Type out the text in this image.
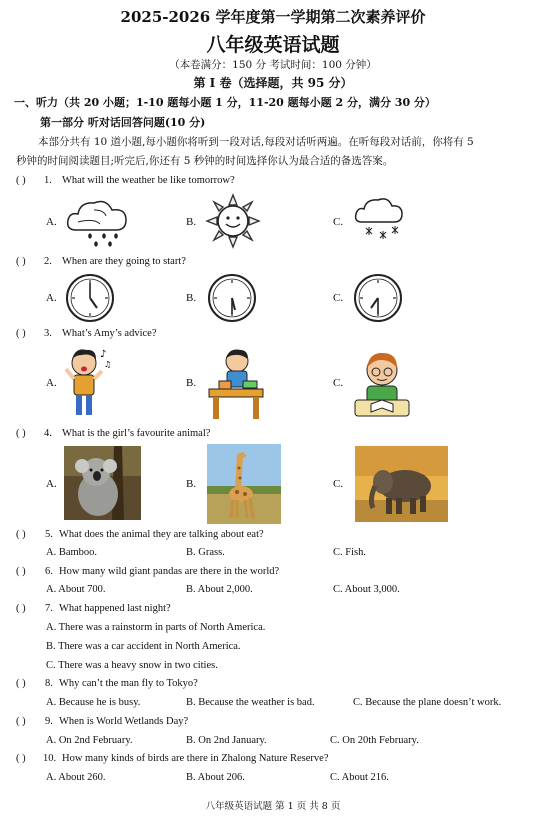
2025-2026 学年度第一学期第二次素养评价
八年级英语试题
（本卷满分：150 分 考试时间：100 分钟）
第 I 卷（选择题，共 95 分）
一、听力（共 20 小题；1-10 题每小题 1 分，11-20 题每小题 2 分，满分 30 分）
第一部分 听对话回答问题(10 分)
本部分共有 10 道小题,每小题你将听到一段对话,每段对话听两遍。在听每段对话前，你将有 5
秒钟的时间阅读题目;听完后,你还有 5 秒钟的时间选择你认为最合适的备选答案。
( ) 1. What will the weather be like tomorrow?
A.	B.	C.
( ) 2. When are they going to start?
A.	B.	C.
( ) 3. What’s Amy’s advice?
A.	B.	C.
♪
♫
( ) 4. What is the girl’s favourite animal?
A.	B.	C.
( ) 5. What does the animal they are talking about eat?
A. Bamboo.	B. Grass.	C. Fish.
( ) 6. How many wild giant pandas are there in the world?
A. About 700.	B. About 2,000.	C. About 3,000.
( ) 7. What happened last night?
A. There was a rainstorm in parts of North America.
B. There was a car accident in North America.
C. There was a heavy snow in two cities.
( ) 8. Why can’t the man fly to Tokyo?
A. Because he is busy.	B. Because the weather is bad.	C. Because the plane doesn’t work.
( ) 9. When is World Wetlands Day?
A. On 2nd February.	B. On 2nd January.	C. On 20th February.
( ) 10. How many kinds of birds are there in Zhalong Nature Reserve?
A. About 260.	B. About 206.	C. About 216.
八年级英语试题 第 1 页 共 8 页
